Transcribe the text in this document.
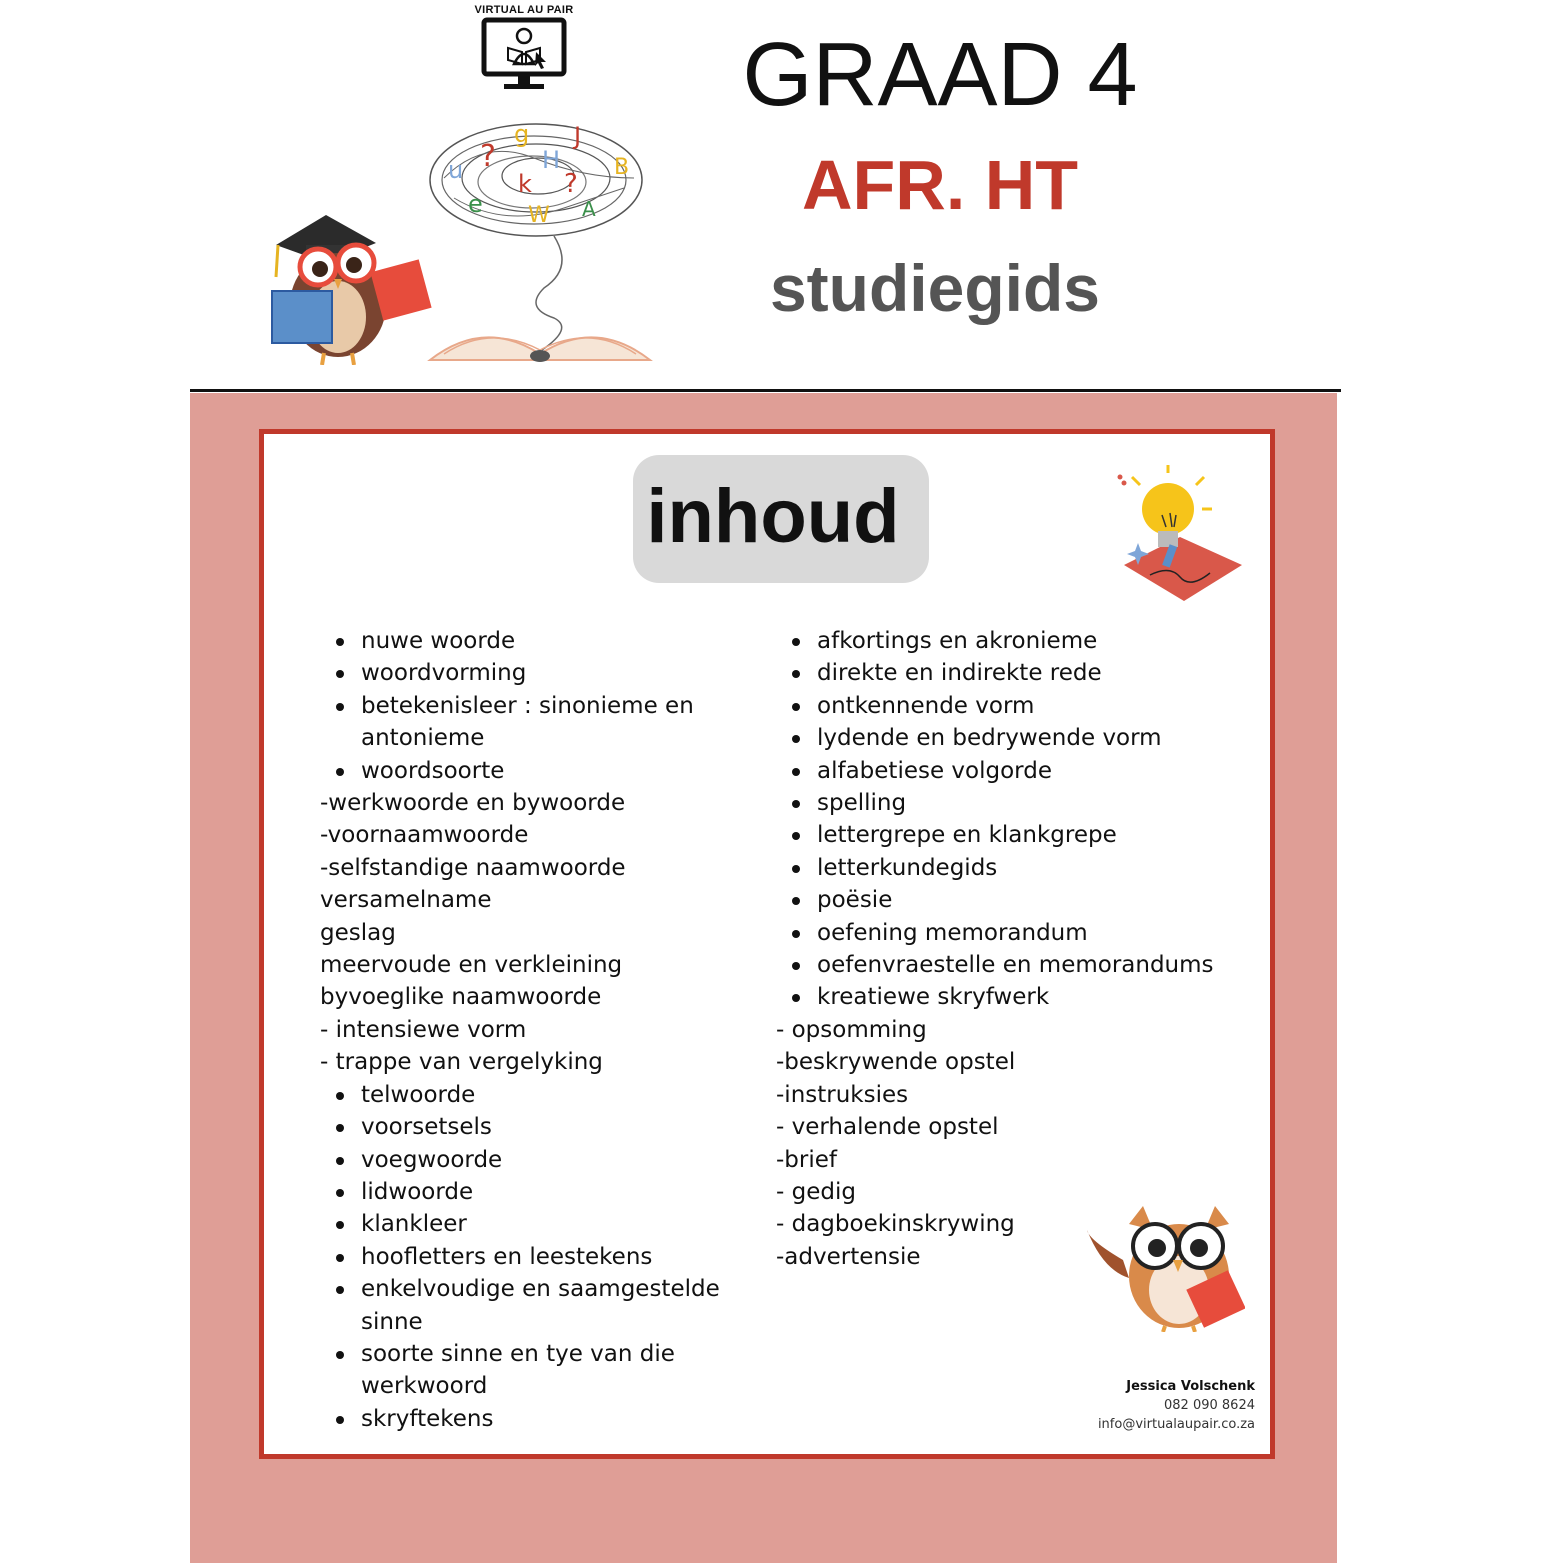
VIRTUAL AU PAIR
u ?
g J
H B
k ?
e W A
GRAAD 4
AFR. HT
studiegids
inhoud
nuwe woorde
woordvorming
betekenisleer : sinonieme en antonieme
woordsoorte
-werkwoorde en bywoorde
-voornaamwoorde
-selfstandige naamwoorde
versamelname
geslag
meervoude en verkleining
byvoeglike naamwoorde
- intensiewe vorm
- trappe van vergelyking
telwoorde
voorsetsels
voegwoorde
lidwoorde
klankleer
hoofletters en leestekens
enkelvoudige en saamgestelde sinne
soorte sinne en tye van die werkwoord
skryftekens
afkortings en akronieme
direkte en indirekte rede
ontkennende vorm
lydende en bedrywende vorm
alfabetiese volgorde
spelling
lettergrepe en klankgrepe
letterkundegids
poësie
oefening memorandum
oefenvraestelle en memorandums
kreatiewe skryfwerk
- opsomming
-beskrywende opstel
-instruksies
- verhalende opstel
-brief
- gedig
- dagboekinskrywing
-advertensie
Jessica Volschenk
082 090 8624
info@virtualaupair.co.za
